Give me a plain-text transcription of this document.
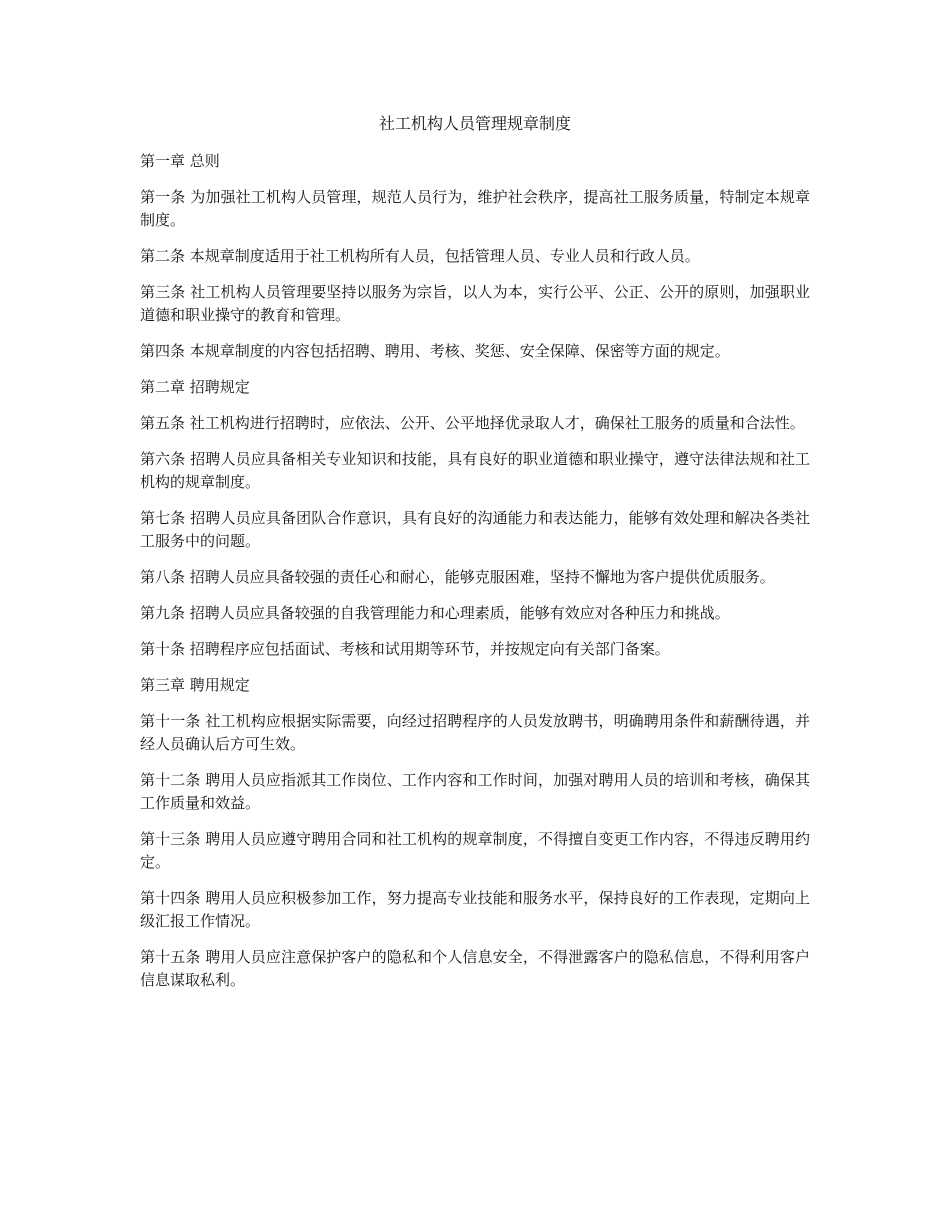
社工机构人员管理规章制度

第一章 总则

第一条 为加强社工机构人员管理，规范人员行为，维护社会秩序，提高社工服务质量，特制定本规章制度。

第二条 本规章制度适用于社工机构所有人员，包括管理人员、专业人员和行政人员。

第三条 社工机构人员管理要坚持以服务为宗旨，以人为本，实行公平、公正、公开的原则，加强职业道德和职业操守的教育和管理。

第四条 本规章制度的内容包括招聘、聘用、考核、奖惩、安全保障、保密等方面的规定。

第二章 招聘规定

第五条 社工机构进行招聘时，应依法、公开、公平地择优录取人才，确保社工服务的质量和合法性。

第六条 招聘人员应具备相关专业知识和技能，具有良好的职业道德和职业操守，遵守法律法规和社工机构的规章制度。

第七条 招聘人员应具备团队合作意识，具有良好的沟通能力和表达能力，能够有效处理和解决各类社工服务中的问题。

第八条 招聘人员应具备较强的责任心和耐心，能够克服困难，坚持不懈地为客户提供优质服务。

第九条 招聘人员应具备较强的自我管理能力和心理素质，能够有效应对各种压力和挑战。

第十条 招聘程序应包括面试、考核和试用期等环节，并按规定向有关部门备案。

第三章 聘用规定

第十一条 社工机构应根据实际需要，向经过招聘程序的人员发放聘书，明确聘用条件和薪酬待遇，并经人员确认后方可生效。

第十二条 聘用人员应指派其工作岗位、工作内容和工作时间，加强对聘用人员的培训和考核，确保其工作质量和效益。

第十三条 聘用人员应遵守聘用合同和社工机构的规章制度，不得擅自变更工作内容，不得违反聘用约定。

第十四条 聘用人员应积极参加工作，努力提高专业技能和服务水平，保持良好的工作表现，定期向上级汇报工作情况。

第十五条 聘用人员应注意保护客户的隐私和个人信息安全，不得泄露客户的隐私信息，不得利用客户信息谋取私利。
